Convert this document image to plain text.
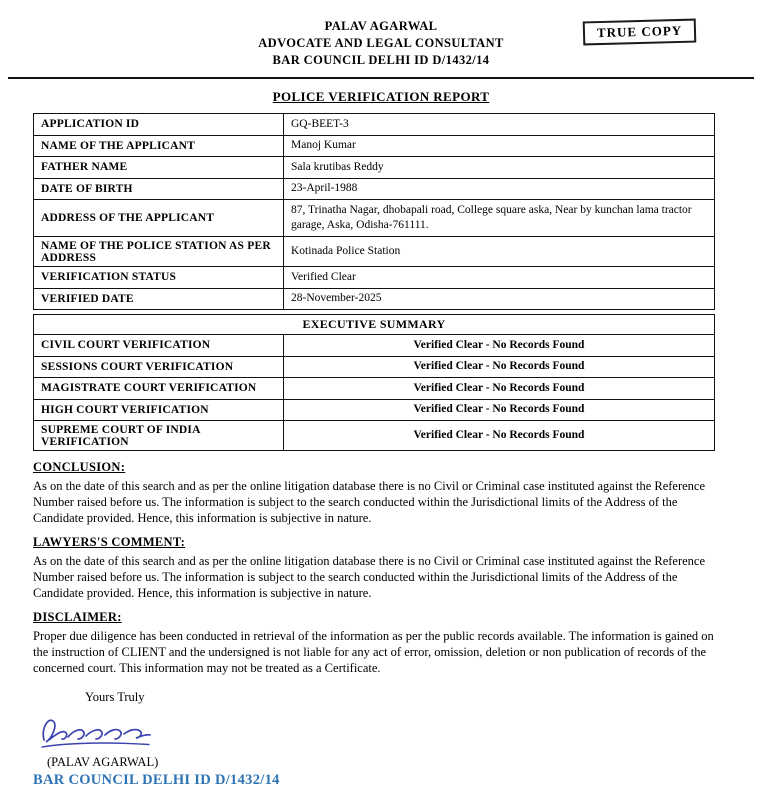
TRUE COPY
PALAV AGARWAL
ADVOCATE AND LEGAL CONSULTANT
BAR COUNCIL DELHI ID D/1432/14
POLICE VERIFICATION REPORT
APPLICATION ID	GQ-BEET-3
NAME OF THE APPLICANT	Manoj Kumar
FATHER NAME	Sala krutibas Reddy
DATE OF BIRTH	23-April-1988
ADDRESS OF THE APPLICANT	87, Trinatha Nagar, dhobapali road, College square aska, Near by kunchan lama tractor garage, Aska, Odisha-761111.
NAME OF THE POLICE STATION AS PER ADDRESS	Kotinada Police Station
VERIFICATION STATUS	Verified Clear
VERIFIED DATE	28-November-2025
EXECUTIVE SUMMARY	
CIVIL COURT VERIFICATION	Verified Clear - No Records Found
SESSIONS COURT VERIFICATION	Verified Clear - No Records Found
MAGISTRATE COURT VERIFICATION	Verified Clear - No Records Found
HIGH COURT VERIFICATION	Verified Clear - No Records Found
SUPREME COURT OF INDIA VERIFICATION	Verified Clear - No Records Found
CONCLUSION:

As on the date of this search and as per the online litigation database there is no Civil or Criminal case instituted against the Reference Number raised before us. The information is subject to the search conducted within the Jurisdictional limits of the Address of the Candidate provided. Hence, this information is subjective in nature.

LAWYERS'S COMMENT:

As on the date of this search and as per the online litigation database there is no Civil or Criminal case instituted against the Reference Number raised before us. The information is subject to the search conducted within the Jurisdictional limits of the Address of the Candidate provided. Hence, this information is subjective in nature.

DISCLAIMER:

Proper due diligence has been conducted in retrieval of the information as per the public records available. The information is gained on the instruction of CLIENT and the undersigned is not liable for any act of error, omission, deletion or non publication of records of the concerned court. This information may not be treated as a Certificate.

Yours Truly
(PALAV AGARWAL)
BAR COUNCIL DELHI ID D/1432/14
